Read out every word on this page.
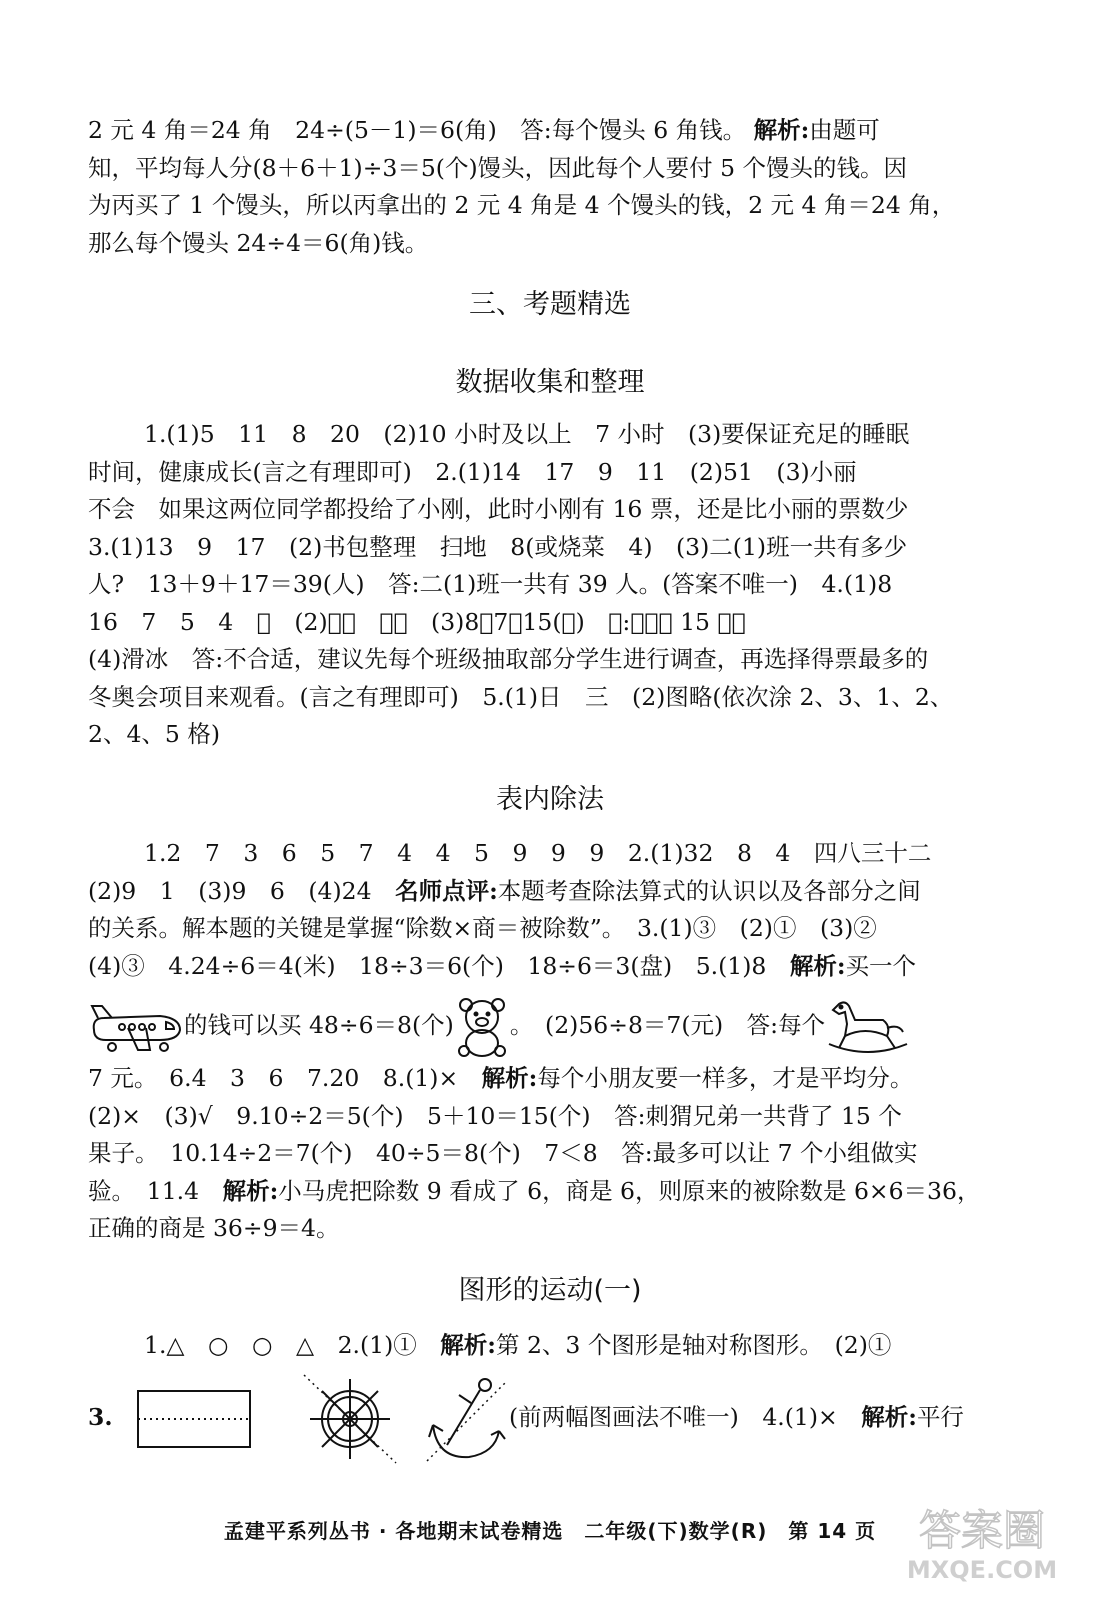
2 元 4 角＝24 角　24÷(5－1)＝6(角)　答:每个馒头 6 角钱。 解析:由题可
知，平均每人分(8＋6＋1)÷3＝5(个)馒头，因此每个人要付 5 个馒头的钱。因
为丙买了 1 个馒头，所以丙拿出的 2 元 4 角是 4 个馒头的钱，2 元 4 角＝24 角，
那么每个馒头 24÷4＝6(角)钱。
三、考题精选
数据收集和整理
1.(1)5　11　8　20　(2)10 小时及以上　7 小时　(3)要保证充足的睡眠
时间，健康成长(言之有理即可)　2.(1)14　17　9　11　(2)51　(3)小丽
不会　如果这两位同学都投给了小刚，此时小刚有 16 票，还是比小丽的票数少
3.(1)13　9　17　(2)书包整理　扫地　8(或烧菜　4)　(3)二(1)班一共有多少
人?　13＋9＋17＝39(人)　答:二(1)班一共有 39 人。(答案不唯一)　4.(1)8
16　7　5　4　𠀌　(2)滑冰　雪橇　(3)8＋7＝15(人)　答:一共有 15 人。
(4)滑冰　答:不合适，建议先每个班级抽取部分学生进行调查，再选择得票最多的
冬奥会项目来观看。(言之有理即可)　5.(1)日　三　(2)图略(依次涂 2、3、1、2、
2、4、5 格)
表内除法
1.2　7　3　6　5　7　4　4　5　9　9　9　2.(1)32　8　4　四八三十二
(2)9　1　(3)9　6　(4)24　名师点评:本题考查除法算式的认识以及各部分之间
的关系。解本题的关键是掌握“除数×商＝被除数”。　3.(1)③　(2)①　(3)②
(4)③　4.24÷6＝4(米)　18÷3＝6(个)　18÷6＝3(盘)　5.(1)8　解析:买一个
的钱可以买 48÷6＝8(个) 。　(2)56÷8＝7(元)　答:每个
7 元。　6.4　3　6　7.20　8.(1)×　解析:每个小朋友要一样多，才是平均分。
(2)×　(3)√　9.10÷2＝5(个)　5＋10＝15(个)　答:刺猬兄弟一共背了 15 个
果子。　10.14÷2＝7(个)　40÷5＝8(个)　7＜8　答:最多可以让 7 个小组做实
验。　11.4　解析:小马虎把除数 9 看成了 6，商是 6，则原来的被除数是 6×6＝36，
正确的商是 36÷9＝4。
图形的运动(一)
1.△　○　○　△　2.(1)①　解析:第 2、3 个图形是轴对称图形。　(2)①
3.	(前两幅图画法不唯一)　4.(1)×　解析:平行
孟建平系列丛书 · 各地期末试卷精选　二年级(下)数学(R)　第 14 页	答案圈
MXQE.COM
